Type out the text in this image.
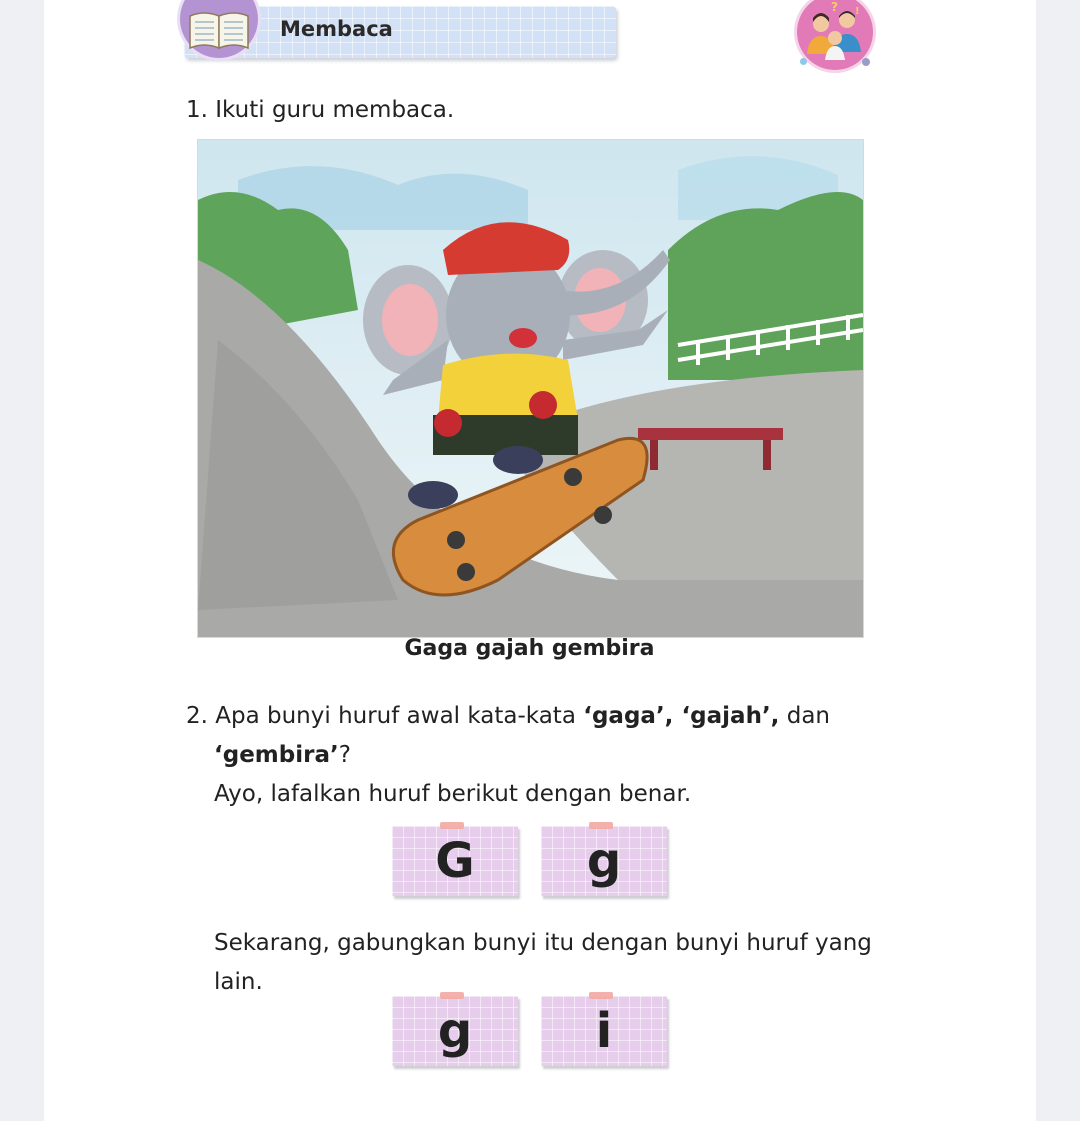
Membaca
? !
1. Ikuti guru membaca.
Gaga gajah gembira
2. Apa bunyi huruf awal kata-kata ‘gaga’, ‘gajah’, dan
‘gembira’?
Ayo, lafalkan huruf berikut dengan benar.
G	g
Sekarang, gabungkan bunyi itu dengan bunyi huruf yang
lain.
g	i
